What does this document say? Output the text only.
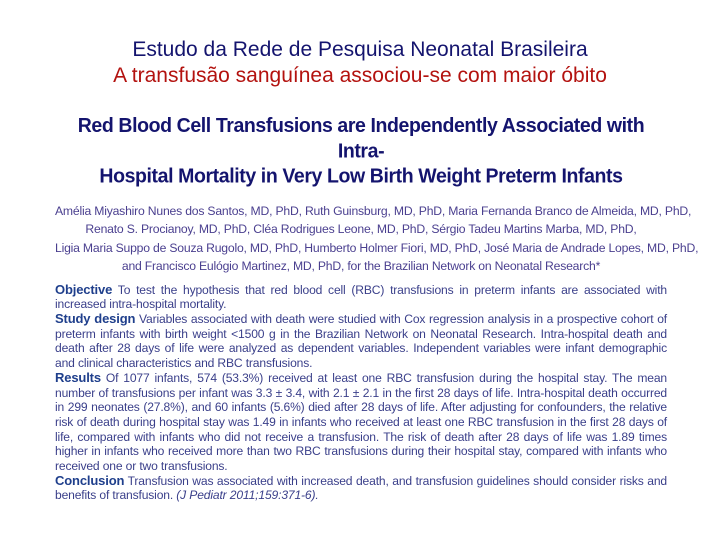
Estudo da Rede de Pesquisa Neonatal Brasileira
A transfusão sanguínea associou-se com maior óbito
Red Blood Cell Transfusions are Independently Associated with Intra-
Hospital Mortality in Very Low Birth Weight Preterm Infants
Amélia Miyashiro Nunes dos Santos, MD, PhD, Ruth Guinsburg, MD, PhD, Maria Fernanda Branco de Almeida, MD, PhD,
Renato S. Procianoy, MD, PhD, Cléa Rodrigues Leone, MD, PhD, Sérgio Tadeu Martins Marba, MD, PhD,
Ligia Maria Suppo de Souza Rugolo, MD, PhD, Humberto Holmer Fiori, MD, PhD, José Maria de Andrade Lopes, MD, PhD,
and Francisco Eulógio Martinez, MD, PhD, for the Brazilian Network on Neonatal Research*

Objective To test the hypothesis that red blood cell (RBC) transfusions in preterm infants are associated with increased intra-hospital mortality.

Study design Variables associated with death were studied with Cox regression analysis in a prospective cohort of preterm infants with birth weight <1500 g in the Brazilian Network on Neonatal Research. Intra-hospital death and death after 28 days of life were analyzed as dependent variables. Independent variables were infant demographic and clinical characteristics and RBC transfusions.

Results Of 1077 infants, 574 (53.3%) received at least one RBC transfusion during the hospital stay. The mean number of transfusions per infant was 3.3 ± 3.4, with 2.1 ± 2.1 in the first 28 days of life. Intra-hospital death occurred in 299 neonates (27.8%), and 60 infants (5.6%) died after 28 days of life. After adjusting for confounders, the relative risk of death during hospital stay was 1.49 in infants who received at least one RBC transfusion in the first 28 days of life, compared with infants who did not receive a transfusion. The risk of death after 28 days of life was 1.89 times higher in infants who received more than two RBC transfusions during their hospital stay, compared with infants who received one or two transfusions.

Conclusion Transfusion was associated with increased death, and transfusion guidelines should consider risks and benefits of transfusion. (J Pediatr 2011;159:371-6).
